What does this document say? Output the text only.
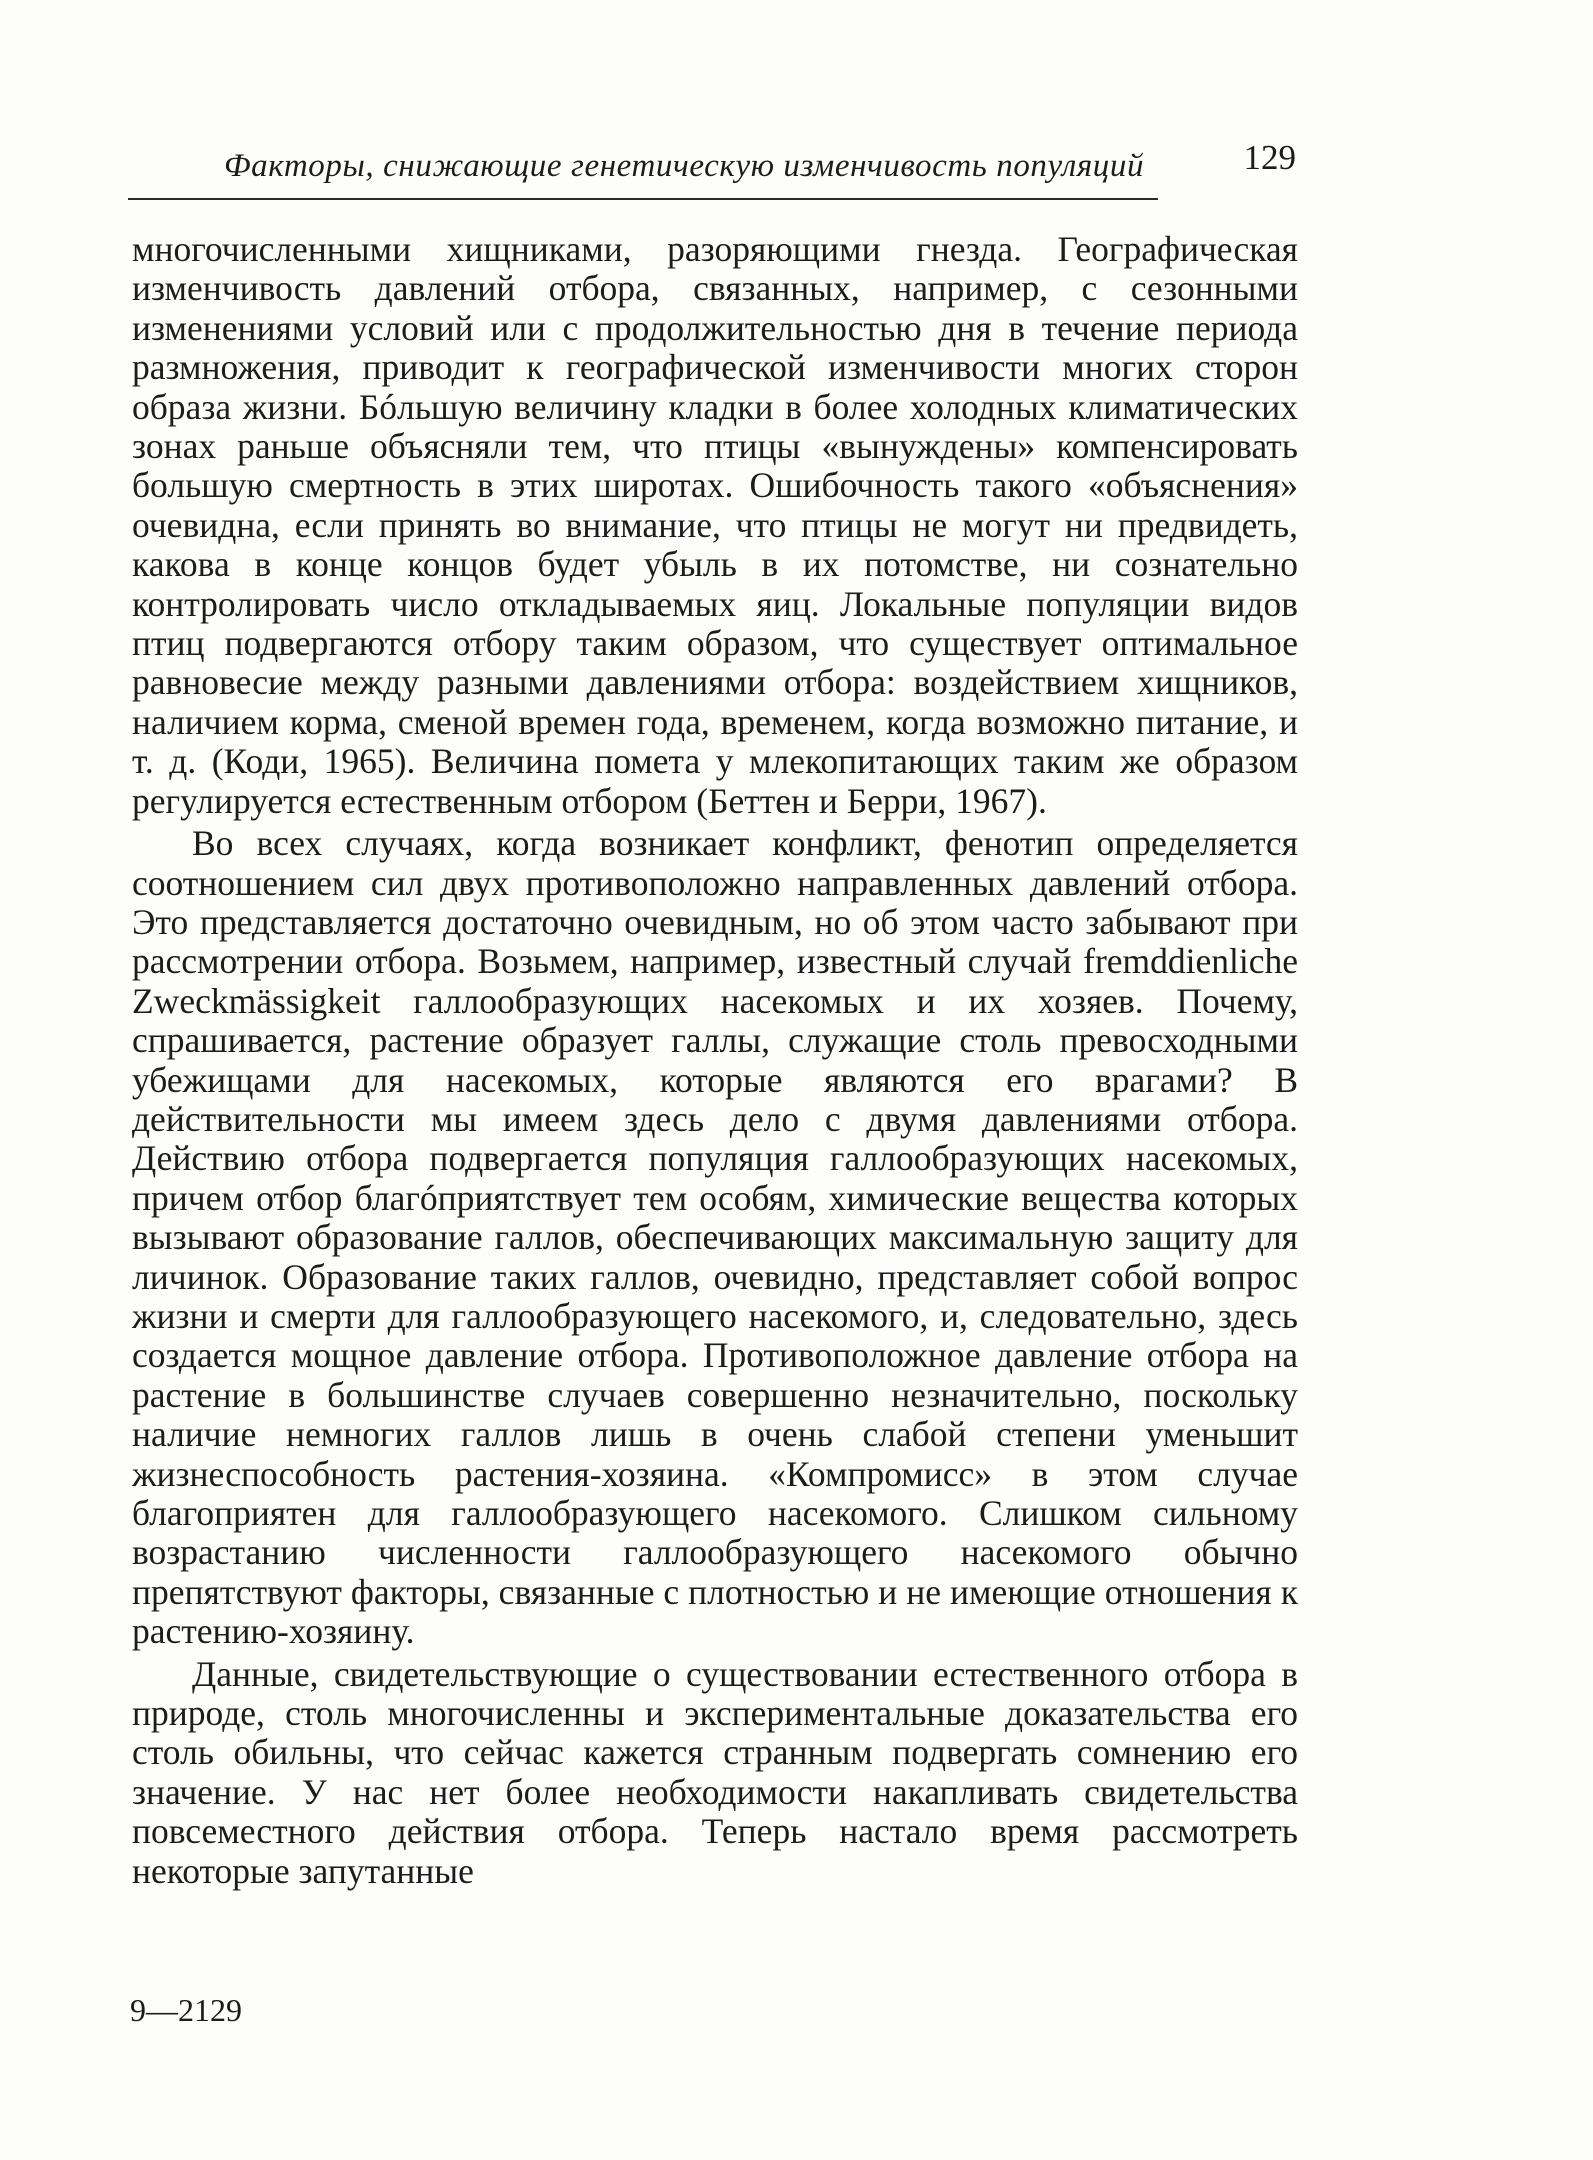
Факторы, снижающие генетическую изменчивость популяций	129

многочисленными хищниками, разоряющими гнезда. Географическая изменчивость давлений отбора, связанных, например, с сезонными изменениями условий или с продолжительностью дня в течение периода размножения, приводит к географической изменчивости многих сторон образа жизни. Бóльшую величину кладки в более холодных климатических зонах раньше объясняли тем, что птицы «вынуждены» компенсировать большую смертность в этих широтах. Ошибочность такого «объяснения» очевидна, если принять во внимание, что птицы не могут ни предвидеть, какова в конце концов будет убыль в их потомстве, ни сознательно контролировать число откладываемых яиц. Локальные популяции видов птиц подвергаются отбору таким образом, что существует оптимальное равновесие между разными давлениями отбора: воздействием хищников, наличием корма, сменой времен года, временем, когда возможно питание, и т. д. (Коди, 1965). Величина помета у млекопитающих таким же образом регулируется естественным отбором (Беттен и Берри, 1967).

Во всех случаях, когда возникает конфликт, фенотип определяется соотношением сил двух противоположно направленных давлений отбора. Это представляется достаточно очевидным, но об этом часто забывают при рассмотрении отбора. Возьмем, например, известный случай fremddienliche Zweckmässigkeit галлообразующих насекомых и их хозяев. Почему, спрашивается, растение образует галлы, служащие столь превосходными убежищами для насекомых, которые являются его врагами? В действительности мы имеем здесь дело с двумя давлениями отбора. Действию отбора подвергается популяция галлообразующих насекомых, причем отбор благóприятствует тем особям, химические вещества которых вызывают образование галлов, обеспечивающих максимальную защиту для личинок. Образование таких галлов, очевидно, представляет собой вопрос жизни и смерти для галлообразующего насекомого, и, следовательно, здесь создается мощное давление отбора. Противоположное давление отбора на растение в большинстве случаев совершенно незначительно, поскольку наличие немногих галлов лишь в очень слабой степени уменьшит жизнеспособность растения-хозяина. «Компромисс» в этом случае благоприятен для галлообразующего насекомого. Слишком сильному возрастанию численности галлообразующего насекомого обычно препятствуют факторы, связанные с плотностью и не имеющие отношения к растению-хозяину.

Данные, свидетельствующие о существовании естественного отбора в природе, столь многочисленны и экспериментальные доказательства его столь обильны, что сейчас кажется странным подвергать сомнению его значение. У нас нет более необходимости накапливать свидетельства повсеместного действия отбора. Теперь настало время рассмотреть некоторые запутанные

9—2129
